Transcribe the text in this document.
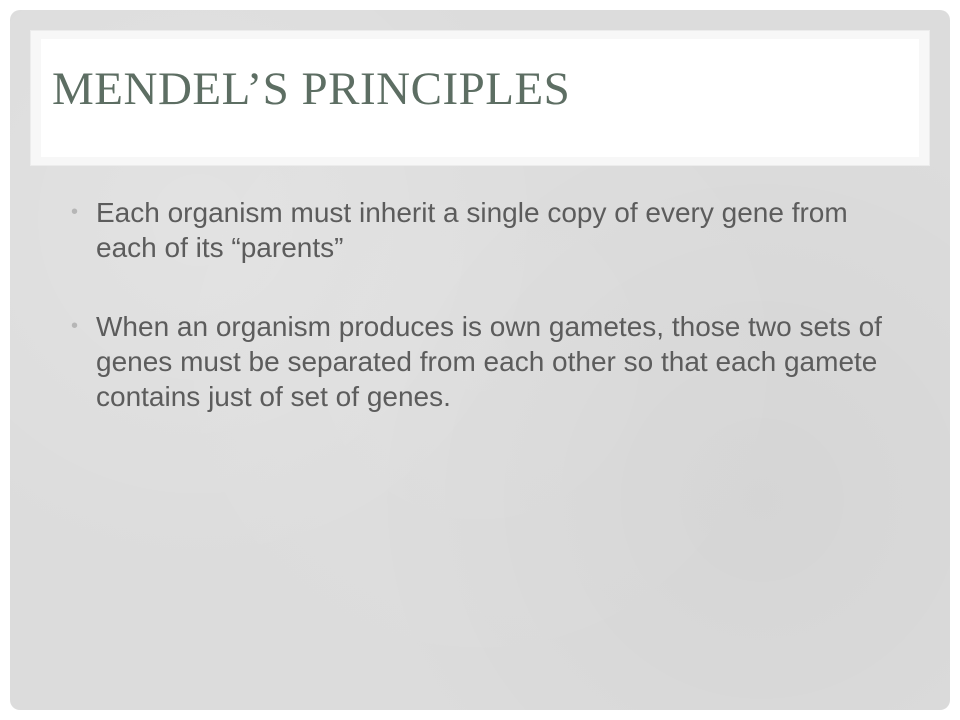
MENDEL’S PRINCIPLES
• Each organism must inherit a single copy of every gene from each of its “parents”
• When an organism produces is own gametes, those two sets of genes must be separated from each other so that each gamete contains just of set of genes.
